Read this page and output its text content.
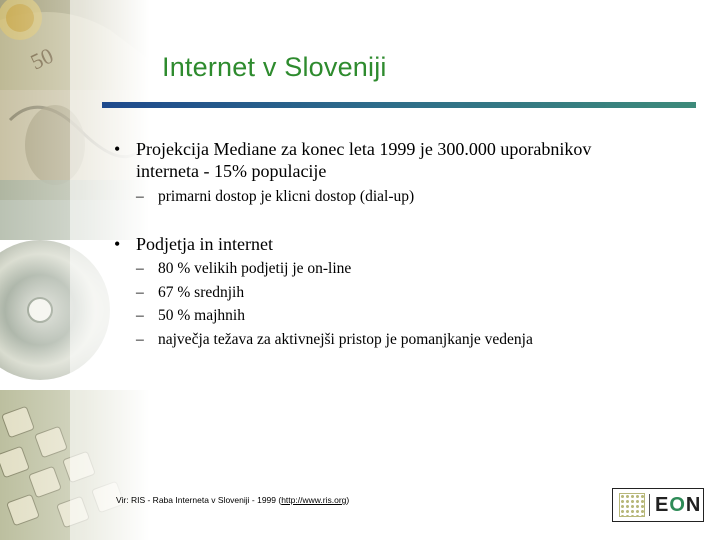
Internet v Sloveniji
• Projekcija Mediane za konec leta 1999 je 300.000 uporabnikov
interneta - 15% populacije
– primarni dostop je klicni dostop (dial-up)
• Podjetja in internet
– 80 % velikih podjetij je on-line
– 67 % srednjih
– 50 % majhnih
– največja težava za aktivnejši pristop je pomanjkanje vedenja
Vir: RIS - Raba Interneta v Sloveniji - 1999 (http://www.ris.org)	EON
